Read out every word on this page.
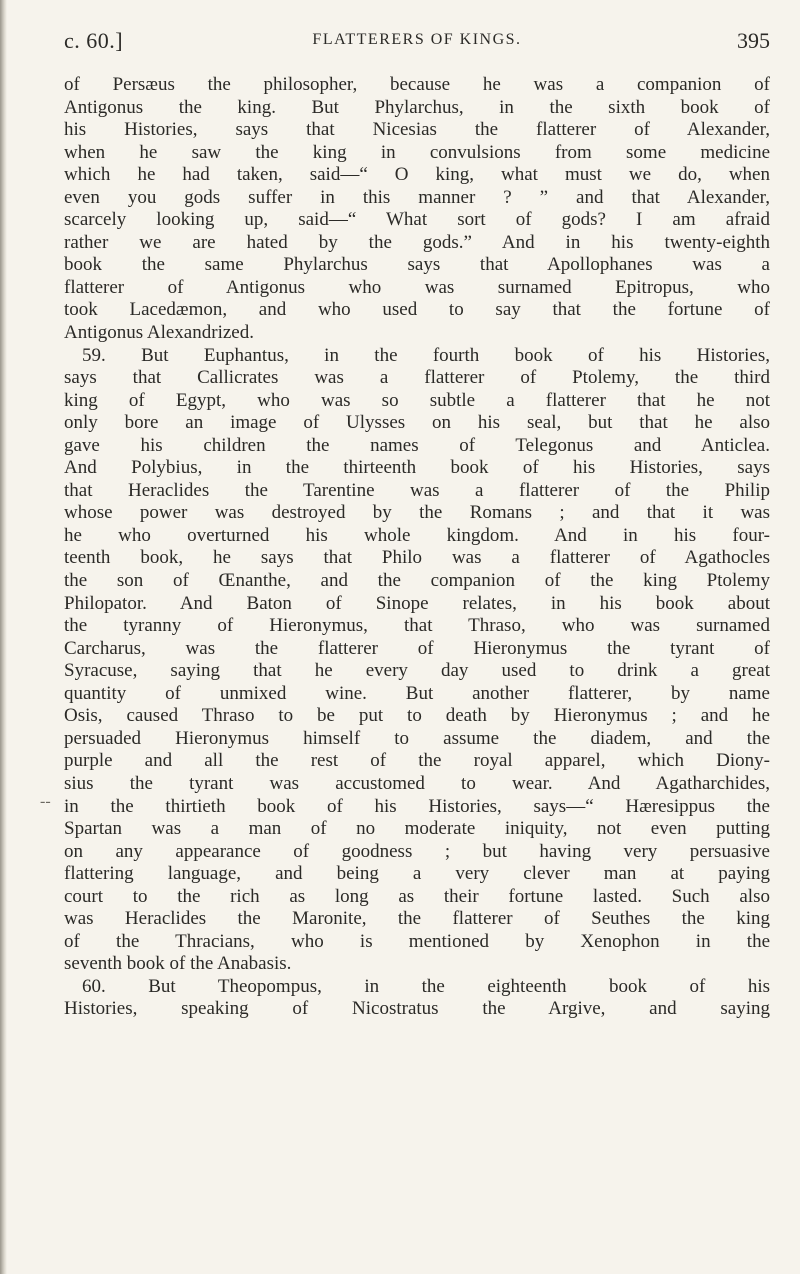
c. 60.]	FLATTERERS OF KINGS.	395
--
of Persæus the philosopher, because he was a companion of
Antigonus the king. But Phylarchus, in the sixth book of
his Histories, says that Nicesias the flatterer of Alexander,
when he saw the king in convulsions from some medicine
which he had taken, said—“ O king, what must we do, when
even you gods suffer in this manner ? ” and that Alexander,
scarcely looking up, said—“ What sort of gods? I am afraid
rather we are hated by the gods.” And in his twenty-eighth
book the same Phylarchus says that Apollophanes was a
flatterer of Antigonus who was surnamed Epitropus, who
took Lacedæmon, and who used to say that the fortune of
Antigonus Alexandrized.
59. But Euphantus, in the fourth book of his Histories,
says that Callicrates was a flatterer of Ptolemy, the third
king of Egypt, who was so subtle a flatterer that he not
only bore an image of Ulysses on his seal, but that he also
gave his children the names of Telegonus and Anticlea.
And Polybius, in the thirteenth book of his Histories, says
that Heraclides the Tarentine was a flatterer of the Philip
whose power was destroyed by the Romans ; and that it was
he who overturned his whole kingdom. And in his four-
teenth book, he says that Philo was a flatterer of Agathocles
the son of Œnanthe, and the companion of the king Ptolemy
Philopator. And Baton of Sinope relates, in his book about
the tyranny of Hieronymus, that Thraso, who was surnamed
Carcharus, was the flatterer of Hieronymus the tyrant of
Syracuse, saying that he every day used to drink a great
quantity of unmixed wine. But another flatterer, by name
Osis, caused Thraso to be put to death by Hieronymus ; and he
persuaded Hieronymus himself to assume the diadem, and the
purple and all the rest of the royal apparel, which Diony-
sius the tyrant was accustomed to wear. And Agatharchides,
in the thirtieth book of his Histories, says—“ Hæresippus the
Spartan was a man of no moderate iniquity, not even putting
on any appearance of goodness ; but having very persuasive
flattering language, and being a very clever man at paying
court to the rich as long as their fortune lasted. Such also
was Heraclides the Maronite, the flatterer of Seuthes the king
of the Thracians, who is mentioned by Xenophon in the
seventh book of the Anabasis.
60. But Theopompus, in the eighteenth book of his
Histories, speaking of Nicostratus the Argive, and saying
